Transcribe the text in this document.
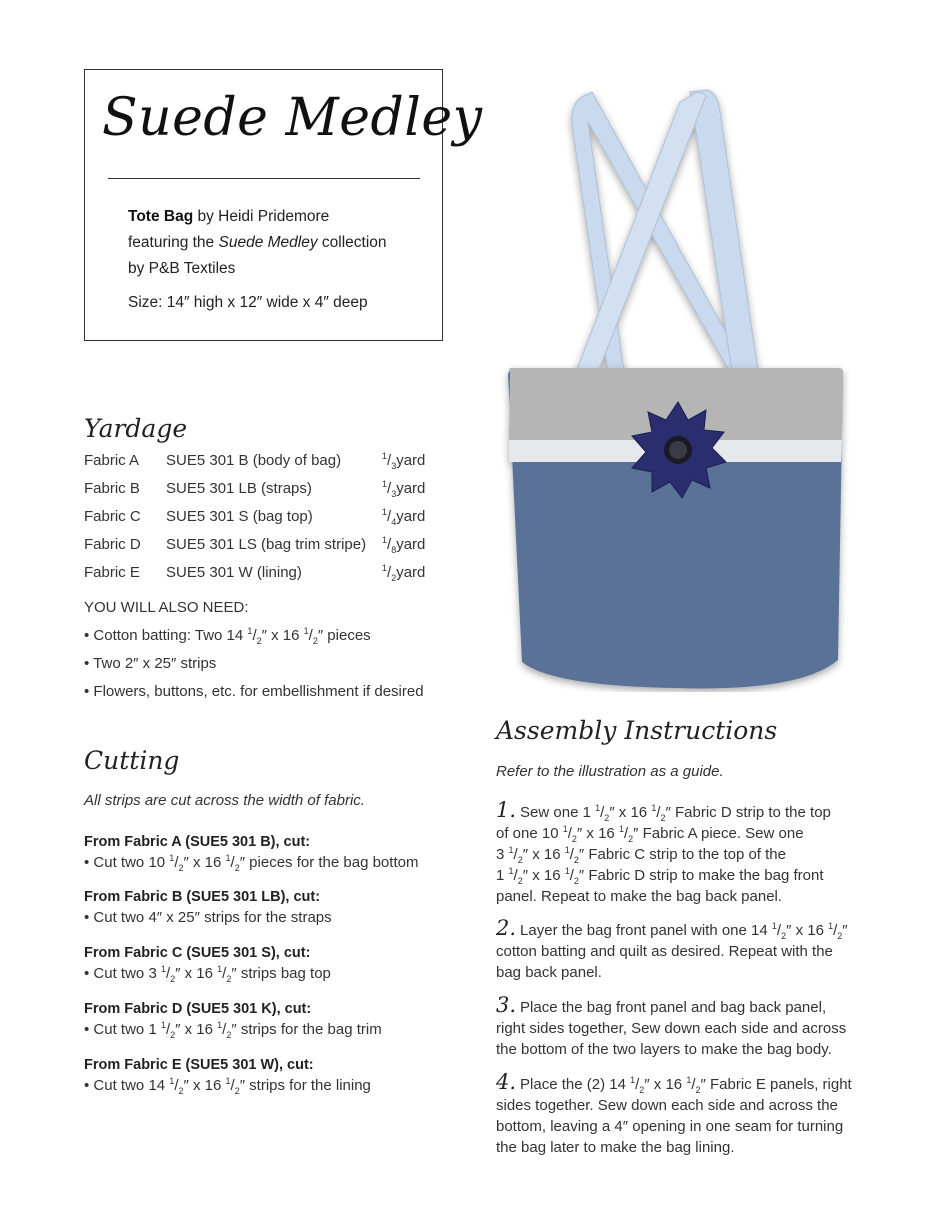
Suede Medley
Tote Bag by Heidi Pridemore
featuring the Suede Medley collection
by P&B Textiles
Size: 14″ high x 12″ wide x 4″ deep
Yardage
Fabric A SUE5 301 B (body of bag)	$^1/_3$ yard
Fabric B SUE5 301 LB (straps)	$^1/_3$ yard
Fabric C SUE5 301 S (bag top)	$^1/_4$ yard
Fabric D SUE5 301 LS (bag trim stripe) $^1/_8$ yard
Fabric E SUE5 301 W (lining)	$^1/_2$ yard
YOU WILL ALSO NEED:
• Cotton batting: Two 14 $^1/_2''$ x 16 $^1/_2''$ pieces
• Two 2″ x 25″ strips
• Flowers, buttons, etc. for embellishment if desired
Cutting
All strips are cut across the width of fabric.
From Fabric A (SUE5 301 B), cut:
• Cut two 10 $^1/_2''$ x 16 $^1/_2''$ pieces for the bag bottom
From Fabric B (SUE5 301 LB), cut:
• Cut two 4″ x 25″ strips for the straps
From Fabric C (SUE5 301 S), cut:
• Cut two 3 $^1/_2''$ x 16 $^1/_2''$ strips bag top
From Fabric D (SUE5 301 K), cut:
• Cut two 1 $^1/_2''$ x 16 $^1/_2''$ strips for the bag trim
From Fabric E (SUE5 301 W), cut:
• Cut two 14 $^1/_2''$ x 16 $^1/_2''$ strips for the lining
Assembly Instructions
Refer to the illustration as a guide.
1. Sew one 1 $^1/_2''$ x 16 $^1/_2''$ Fabric D strip to the top
of one 10 $^1/_2''$ x 16 $^1/_2''$ Fabric A piece. Sew one
3 $^1/_2''$ x 16 $^1/_2''$ Fabric C strip to the top of the
1 $^1/_2''$ x 16 $^1/_2''$ Fabric D strip to make the bag front
panel. Repeat to make the bag back panel.
2. Layer the bag front panel with one 14 $^1/_2''$ x 16 $^1/_2''$
cotton batting and quilt as desired. Repeat with the
bag back panel.
3. Place the bag front panel and bag back panel,
right sides together, Sew down each side and across
the bottom of the two layers to make the bag body.
4. Place the (2) 14 $^1/_2''$ x 16 $^1/_2''$ Fabric E panels, right
sides together. Sew down each side and across the
bottom, leaving a 4″ opening in one seam for turning
the bag later to make the bag lining.
